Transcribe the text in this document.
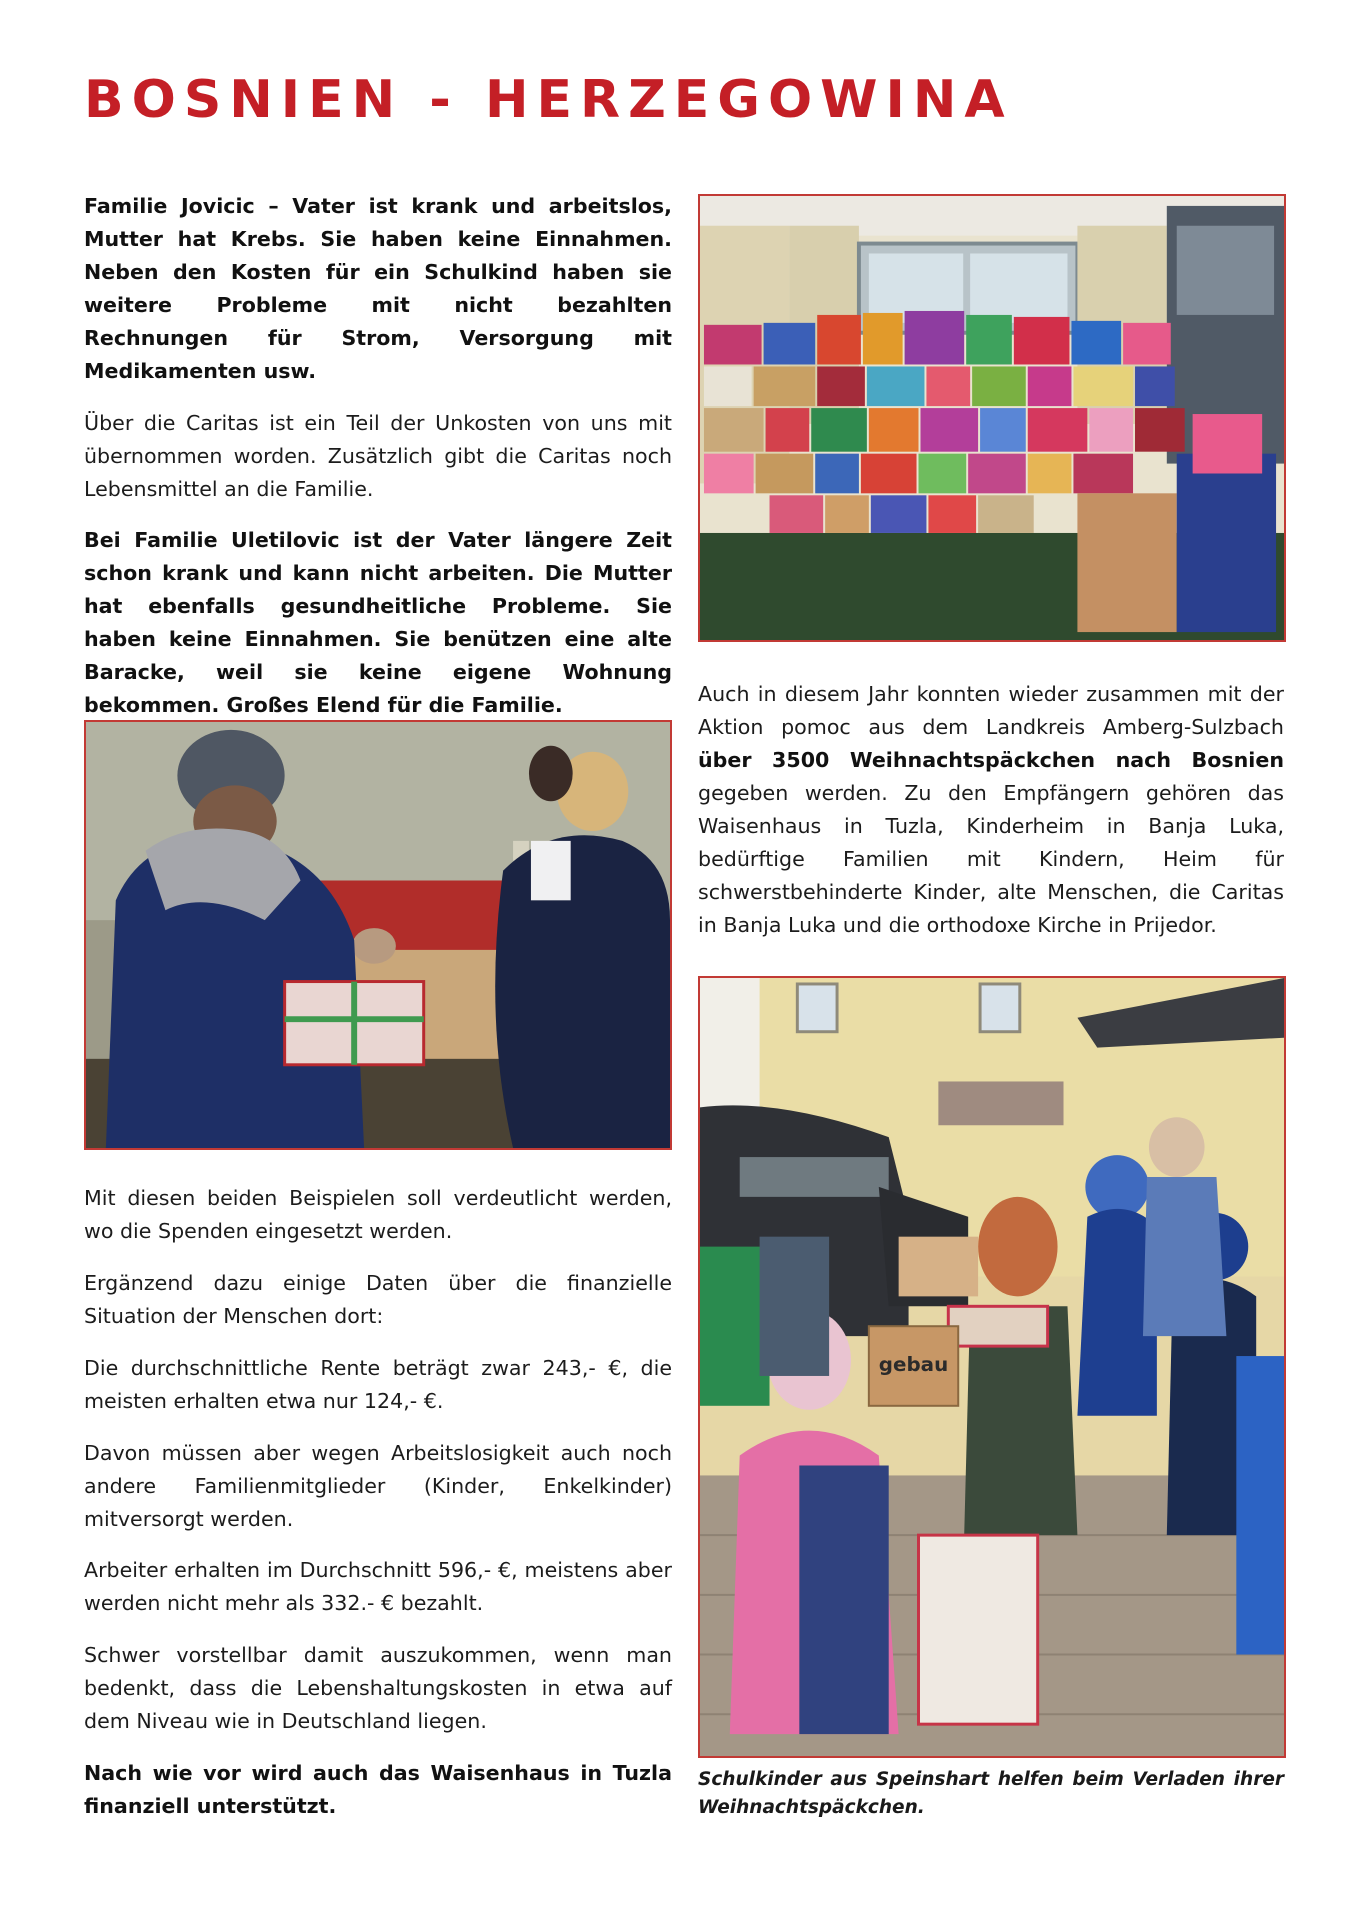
BOSNIEN - HERZEGOWINA

Familie Jovicic – Vater ist krank und arbeitslos, Mutter hat Krebs. Sie haben keine Einnahmen. Neben den Kosten für ein Schulkind haben sie weitere Probleme mit nicht bezahlten Rechnungen für Strom, Versorgung mit Medikamenten usw.

Über die Caritas ist ein Teil der Unkosten von uns mit übernommen worden. Zusätzlich gibt die Caritas noch Lebensmittel an die Familie.

Bei Familie Uletilovic ist der Vater längere Zeit schon krank und kann nicht arbeiten. Die Mutter hat ebenfalls gesundheitliche Probleme. Sie haben keine Einnahmen. Sie benützen eine alte Baracke, weil sie keine eigene Wohnung bekommen. Großes Elend für die Familie.	Auch in diesem Jahr konnten wieder zusammen mit der Aktion pomoc aus dem Landkreis Amberg-Sulzbach über 3500 Weihnachtspäckchen nach Bosnien gegeben werden. Zu den Empfängern gehören das Waisenhaus in Tuzla, Kinderheim in Banja Luka, bedürftige Familien mit Kindern, Heim für schwerstbehinderte Kinder, alte Menschen, die Caritas in Banja Luka und die orthodoxe Kirche in Prijedor.

gebau

Schulkinder aus Speinshart helfen beim Verladen ihrer Weihnachtspäckchen.

Mit diesen beiden Beispielen soll verdeutlicht werden, wo die Spenden eingesetzt werden.

Ergänzend dazu einige Daten über die finanzielle Situation der Menschen dort:

Die durchschnittliche Rente beträgt zwar 243,- €, die meisten erhalten etwa nur 124,- €.

Davon müssen aber wegen Arbeitslosigkeit auch noch andere Familienmitglieder (Kinder, Enkelkinder) mitversorgt werden.

Arbeiter erhalten im Durchschnitt 596,- €, meistens aber werden nicht mehr als 332.- € bezahlt.

Schwer vorstellbar damit auszukommen, wenn man bedenkt, dass die Lebenshaltungskosten in etwa auf dem Niveau wie in Deutschland liegen.

Nach wie vor wird auch das Waisenhaus in Tuzla finanziell unterstützt.
